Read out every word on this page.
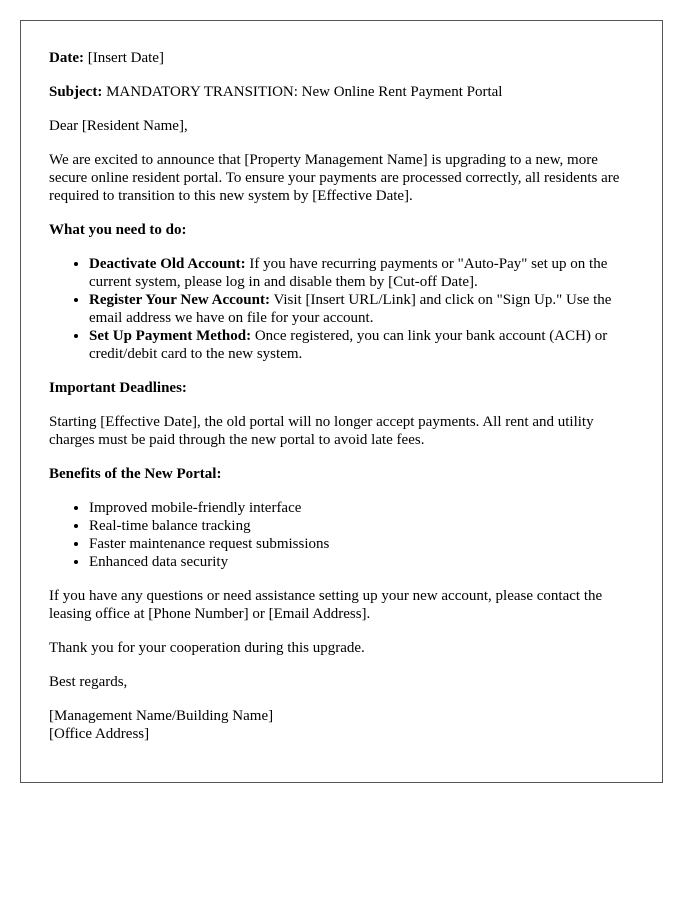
Date: [Insert Date]

Subject: MANDATORY TRANSITION: New Online Rent Payment Portal

Dear [Resident Name],

We are excited to announce that [Property Management Name] is upgrading to a new, more secure online resident portal. To ensure your payments are processed correctly, all residents are required to transition to this new system by [Effective Date].

What you need to do:

• Deactivate Old Account: If you have recurring payments or "Auto-Pay" set up on the current system, please log in and disable them by [Cut-off Date].
• Register Your New Account: Visit [Insert URL/Link] and click on "Sign Up." Use the email address we have on file for your account.
• Set Up Payment Method: Once registered, you can link your bank account (ACH) or credit/debit card to the new system.

Important Deadlines:

Starting [Effective Date], the old portal will no longer accept payments. All rent and utility charges must be paid through the new portal to avoid late fees.

Benefits of the New Portal:

• Improved mobile-friendly interface
• Real-time balance tracking
• Faster maintenance request submissions
• Enhanced data security

If you have any questions or need assistance setting up your new account, please contact the leasing office at [Phone Number] or [Email Address].

Thank you for your cooperation during this upgrade.

Best regards,

[Management Name/Building Name]
[Office Address]
